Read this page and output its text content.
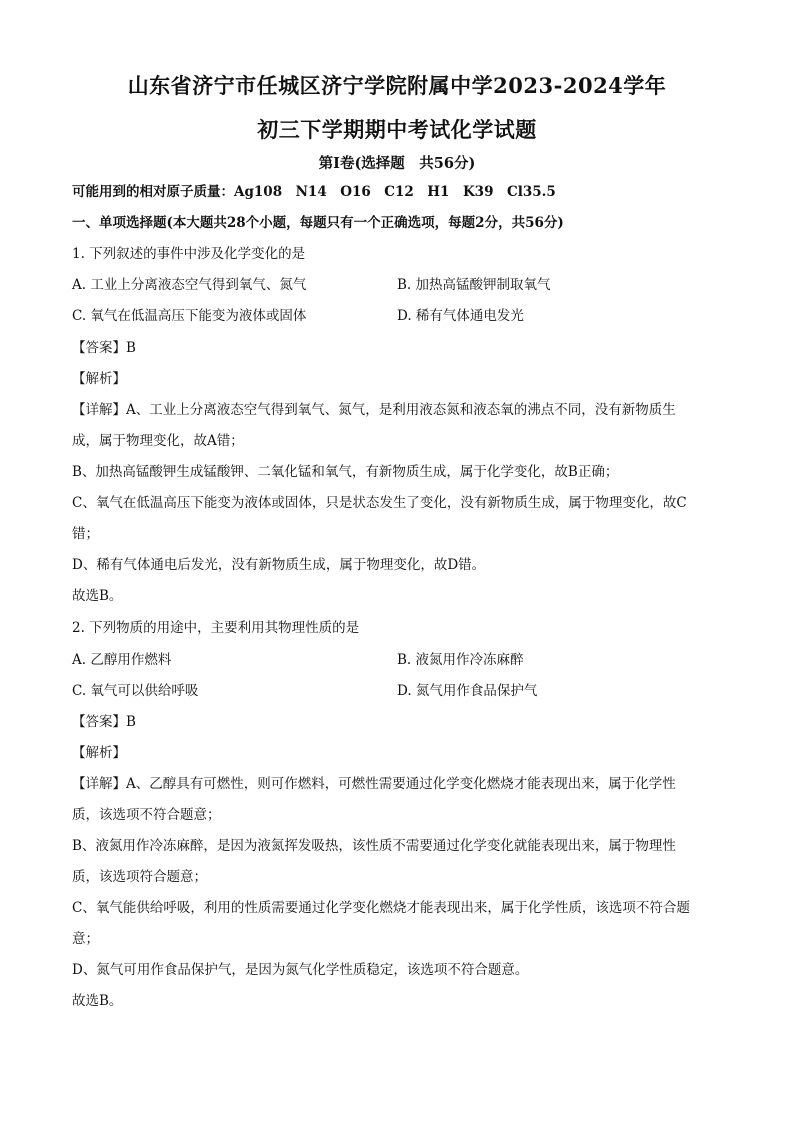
山东省济宁市任城区济宁学院附属中学2023-2024学年
初三下学期期中考试化学试题
第Ⅰ卷(选择题　共56分)
可能用到的相对原子质量：Ag108　N14　O16　C12　H1　K39　Cl35.5
一、单项选择题(本大题共28个小题，每题只有一个正确选项，每题2分，共56分)
1. 下列叙述的事件中涉及化学变化的是
A. 工业上分离液态空气得到氧气、氮气	B. 加热高锰酸钾制取氧气
C. 氧气在低温高压下能变为液体或固体	D. 稀有气体通电发光
【答案】B
【解析】
【详解】A、工业上分离液态空气得到氧气、氮气，是利用液态氮和液态氧的沸点不同，没有新物质生
成，属于物理变化，故A错；
B、加热高锰酸钾生成锰酸钾、二氧化锰和氧气，有新物质生成，属于化学变化，故B正确；
C、氧气在低温高压下能变为液体或固体，只是状态发生了变化，没有新物质生成，属于物理变化，故C
错；
D、稀有气体通电后发光，没有新物质生成，属于物理变化，故D错。
故选B。
2. 下列物质的用途中，主要利用其物理性质的是
A. 乙醇用作燃料	B. 液氮用作冷冻麻醉
C. 氧气可以供给呼吸	D. 氮气用作食品保护气
【答案】B
【解析】
【详解】A、乙醇具有可燃性，则可作燃料，可燃性需要通过化学变化燃烧才能表现出来，属于化学性
质，该选项不符合题意；
B、液氮用作冷冻麻醉，是因为液氮挥发吸热，该性质不需要通过化学变化就能表现出来，属于物理性
质，该选项符合题意；
C、氧气能供给呼吸，利用的性质需要通过化学变化燃烧才能表现出来，属于化学性质，该选项不符合题
意；
D、氮气可用作食品保护气，是因为氮气化学性质稳定，该选项不符合题意。
故选B。
